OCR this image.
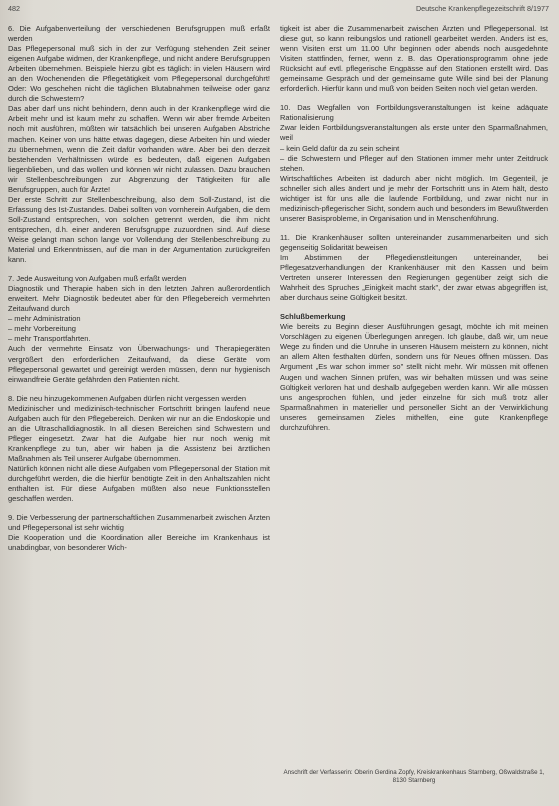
482	Deutsche Krankenpflegezeitschrift 8/1977

6. Die Aufgabenverteilung der verschiedenen Berufsgruppen muß erfaßt werden

Das Pflegepersonal muß sich in der zur Verfügung stehenden Zeit seiner eigenen Aufgabe widmen, der Krankenpflege, und nicht andere Berufsgruppen Arbeiten übernehmen. Beispiele hierzu gibt es täglich: in vielen Häusern wird an den Wochenenden die Pflegetätigkeit vom Pflegepersonal durchgeführt! Oder: Wo geschehen nicht die täglichen Blutabnahmen teilweise oder ganz durch die Schwestern?

Das aber darf uns nicht behindern, denn auch in der Krankenpflege wird die Arbeit mehr und ist kaum mehr zu schaffen. Wenn wir aber fremde Arbeiten noch mit ausführen, müßten wir tatsächlich bei unseren Aufgaben Abstriche machen. Keiner von uns hätte etwas dagegen, diese Arbeiten hin und wieder zu übernehmen, wenn die Zeit dafür vorhanden wäre. Aber bei den derzeit bestehenden Verhältnissen würde es bedeuten, daß eigenen Aufgaben liegenblieben, und das wollen und können wir nicht zulassen. Dazu brauchen wir Stellenbeschreibungen zur Abgrenzung der Tätigkeiten für alle Berufsgruppen, auch für Ärzte!

Der erste Schritt zur Stellenbeschreibung, also dem Soll-Zustand, ist die Erfassung des Ist-Zustandes. Dabei sollten von vornherein Aufgaben, die dem Soll-Zustand entsprechen, von solchen getrennt werden, die ihm nicht entsprechen, d.h. einer anderen Berufsgruppe zuzuordnen sind. Auf diese Weise gelangt man schon lange vor Vollendung der Stellenbeschreibung zu Material und Erkenntnissen, auf die man in der Argumentation zurückgreifen kann.

7. Jede Ausweitung von Aufgaben muß erfaßt werden

Diagnostik und Therapie haben sich in den letzten Jahren außerordentlich erweitert. Mehr Diagnostik bedeutet aber für den Pflegebereich vermehrten Zeitaufwand durch

– mehr Administration
– mehr Vorbereitung
– mehr Transportfahrten.

Auch der vermehrte Einsatz von Überwachungs- und Therapiegeräten vergrößert den erforderlichen Zeitaufwand, da diese Geräte vom Pflegepersonal gewartet und gereinigt werden müssen, denn nur hygienisch einwandfreie Geräte gefährden den Patienten nicht.

8. Die neu hinzugekommenen Aufgaben dürfen nicht vergessen werden

Medizinischer und medizinisch-technischer Fortschritt bringen laufend neue Aufgaben auch für den Pflegebereich. Denken wir nur an die Endoskopie und an die Ultraschalldiagnostik. In all diesen Bereichen sind Schwestern und Pfleger eingesetzt. Zwar hat die Aufgabe hier nur noch wenig mit Krankenpflege zu tun, aber wir haben ja die Assistenz bei ärztlichen Maßnahmen als Teil unserer Aufgabe übernommen.

Natürlich können nicht alle diese Aufgaben vom Pflegepersonal der Station mit durchgeführt werden, die die hierfür benötigte Zeit in den Anhaltszahlen nicht enthalten ist. Für diese Aufgaben müßten also neue Funktionsstellen geschaffen werden.

9. Die Verbesserung der partnerschaftlichen Zusammenarbeit zwischen Ärzten und Pflegepersonal ist sehr wichtig

Die Kooperation und die Koordination aller Bereiche im Krankenhaus ist unabdingbar, von besonderer Wich-

tigkeit ist aber die Zusammenarbeit zwischen Ärzten und Pflegepersonal. Ist diese gut, so kann reibungslos und rationell gearbeitet werden. Anders ist es, wenn Visiten erst um 11.00 Uhr beginnen oder abends noch ausgedehnte Visiten stattfinden, ferner, wenn z. B. das Operationsprogramm ohne jede Rücksicht auf evtl. pflegerische Engpässe auf den Stationen erstellt wird. Das gemeinsame Gespräch und der gemeinsame gute Wille sind bei der Planung erforderlich. Hierfür kann und muß von beiden Seiten noch viel getan werden.

10. Das Wegfallen von Fortbildungsveranstaltungen ist keine adäquate Rationalisierung

Zwar leiden Fortbildungsveranstaltungen als erste unter den Sparmaßnahmen, weil

– kein Geld dafür da zu sein scheint
– die Schwestern und Pfleger auf den Stationen immer mehr unter Zeitdruck stehen.

Wirtschaftliches Arbeiten ist dadurch aber nicht möglich. Im Gegenteil, je schneller sich alles ändert und je mehr der Fortschritt uns in Atem hält, desto wichtiger ist für uns alle die laufende Fortbildung, und zwar nicht nur in medizinisch-pflegerischer Sicht, sondern auch und besonders im Bewußtwerden unserer Basisprobleme, in Organisation und in Menschenführung.

11. Die Krankenhäuser sollten untereinander zusammenarbeiten und sich gegenseitig Solidarität beweisen

Im Abstimmen der Pflegedienstleitungen untereinander, bei Pflegesatzverhandlungen der Krankenhäuser mit den Kassen und beim Vertreten unserer Interessen den Regierungen gegenüber zeigt sich die Wahrheit des Spruches „Einigkeit macht stark", der zwar etwas abgegriffen ist, aber durchaus seine Gültigkeit besitzt.

Schlußbemerkung

Wie bereits zu Beginn dieser Ausführungen gesagt, möchte ich mit meinen Vorschlägen zu eigenen Überlegungen anregen. Ich glaube, daß wir, um neue Wege zu finden und die Unruhe in unseren Häusern meistern zu können, nicht an allem Alten festhalten dürfen, sondern uns für Neues öffnen müssen. Das Argument „Es war schon immer so" stellt nicht mehr. Wir müssen mit offenen Augen und wachen Sinnen prüfen, was wir behalten müssen und was seine Gültigkeit verloren hat und deshalb aufgegeben werden kann. Wir alle müssen uns angesprochen fühlen, und jeder einzelne für sich muß trotz aller Sparmaßnahmen in materieller und personeller Sicht an der Verwirklichung unseres gemeinsamen Zieles mithelfen, eine gute Krankenpflege durchzuführen.

Anschrift der Verfasserin: Oberin Gerdina Zopfy, Kreiskrankenhaus Starnberg, Oßwaldstraße 1, 8130 Starnberg
